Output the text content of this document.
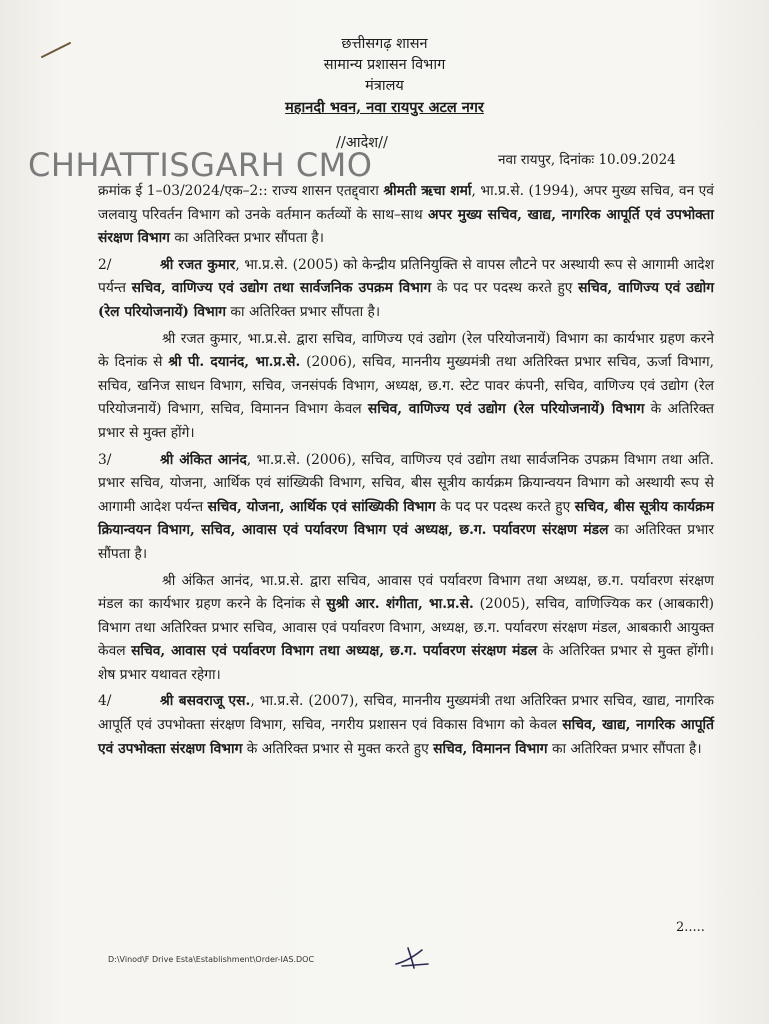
छत्तीसगढ़ शासन
सामान्य प्रशासन विभाग
मंत्रालय
महानदी भवन, नवा रायपुर अटल नगर
//आदेश//
CHHATTISGARH CMO	नवा रायपुर, दिनांकः 10.09.2024

क्रमांक ई 1–03/2024/एक–2:: राज्य शासन एतद्द्वारा श्रीमती ऋचा शर्मा, भा.प्र.से. (1994), अपर मुख्य सचिव, वन एवं जलवायु परिवर्तन विभाग को उनके वर्तमान कर्तव्यों के साथ–साथ अपर मुख्य सचिव, खाद्य, नागरिक आपूर्ति एवं उपभोक्ता संरक्षण विभाग का अतिरिक्त प्रभार सौंपता है।

2/	श्री रजत कुमार, भा.प्र.से. (2005) को केन्द्रीय प्रतिनियुक्ति से वापस लौटने पर अस्थायी रूप से आगामी आदेश पर्यन्त सचिव, वाणिज्य एवं उद्योग तथा सार्वजनिक उपक्रम विभाग के पद पर पदस्थ करते हुए सचिव, वाणिज्य एवं उद्योग (रेल परियोजनायें) विभाग का अतिरिक्त प्रभार सौंपता है।

श्री रजत कुमार, भा.प्र.से. द्वारा सचिव, वाणिज्य एवं उद्योग (रेल परियोजनायें) विभाग का कार्यभार ग्रहण करने के दिनांक से श्री पी. दयानंद, भा.प्र.से. (2006), सचिव, माननीय मुख्यमंत्री तथा अतिरिक्त प्रभार सचिव, ऊर्जा विभाग, सचिव, खनिज साधन विभाग, सचिव, जनसंपर्क विभाग, अध्यक्ष, छ.ग. स्टेट पावर कंपनी, सचिव, वाणिज्य एवं उद्योग (रेल परियोजनायें) विभाग, सचिव, विमानन विभाग केवल सचिव, वाणिज्य एवं उद्योग (रेल परियोजनायें) विभाग के अतिरिक्त प्रभार से मुक्त होंगे।

3/	श्री अंकित आनंद, भा.प्र.से. (2006), सचिव, वाणिज्य एवं उद्योग तथा सार्वजनिक उपक्रम विभाग तथा अति. प्रभार सचिव, योजना, आर्थिक एवं सांख्यिकी विभाग, सचिव, बीस सूत्रीय कार्यक्रम क्रियान्वयन विभाग को अस्थायी रूप से आगामी आदेश पर्यन्त सचिव, योजना, आर्थिक एवं सांख्यिकी विभाग के पद पर पदस्थ करते हुए सचिव, बीस सूत्रीय कार्यक्रम क्रियान्वयन विभाग, सचिव, आवास एवं पर्यावरण विभाग एवं अध्यक्ष, छ.ग. पर्यावरण संरक्षण मंडल का अतिरिक्त प्रभार सौंपता है।

श्री अंकित आनंद, भा.प्र.से. द्वारा सचिव, आवास एवं पर्यावरण विभाग तथा अध्यक्ष, छ.ग. पर्यावरण संरक्षण मंडल का कार्यभार ग्रहण करने के दिनांक से सुश्री आर. शंगीता, भा.प्र.से. (2005), सचिव, वाणिज्यिक कर (आबकारी) विभाग तथा अतिरिक्त प्रभार सचिव, आवास एवं पर्यावरण विभाग, अध्यक्ष, छ.ग. पर्यावरण संरक्षण मंडल, आबकारी आयुक्त केवल सचिव, आवास एवं पर्यावरण विभाग तथा अध्यक्ष, छ.ग. पर्यावरण संरक्षण मंडल के अतिरिक्त प्रभार से मुक्त होंगी। शेष प्रभार यथावत रहेगा।

4/	श्री बसवराजू एस., भा.प्र.से. (2007), सचिव, माननीय मुख्यमंत्री तथा अतिरिक्त प्रभार सचिव, खाद्य, नागरिक आपूर्ति एवं उपभोक्ता संरक्षण विभाग, सचिव, नगरीय प्रशासन एवं विकास विभाग को केवल सचिव, खाद्य, नागरिक आपूर्ति एवं उपभोक्ता संरक्षण विभाग के अतिरिक्त प्रभार से मुक्त करते हुए सचिव, विमानन विभाग का अतिरिक्त प्रभार सौंपता है।

2.....
D:\Vinod\F Drive Esta\Establishment\Order-IAS.DOC
